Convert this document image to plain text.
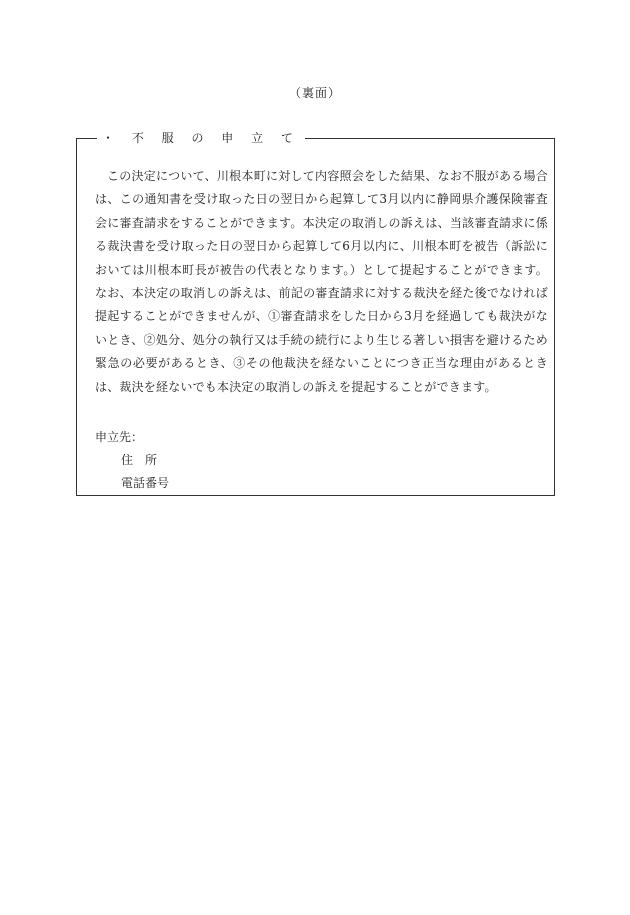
（裏面）
・ 不 服 の 申 立 て

この決定について、川根本町に対して内容照会をした結果、なお不服がある場合は、この通知書を受け取った日の翌日から起算して3月以内に静岡県介護保険審査会に審査請求をすることができます。本決定の取消しの訴えは、当該審査請求に係る裁決書を受け取った日の翌日から起算して6月以内に、川根本町を被告（訴訟においては川根本町長が被告の代表となります。）として提起することができます。なお、本決定の取消しの訴えは、前記の審査請求に対する裁決を経た後でなければ提起することができませんが、①審査請求をした日から3月を経過しても裁決がないとき、②処分、処分の執行又は手続の続行により生じる著しい損害を避けるため緊急の必要があるとき、③その他裁決を経ないことにつき正当な理由があるときは、裁決を経ないでも本決定の取消しの訴えを提起することができます。

申立先：
住　所
電話番号
